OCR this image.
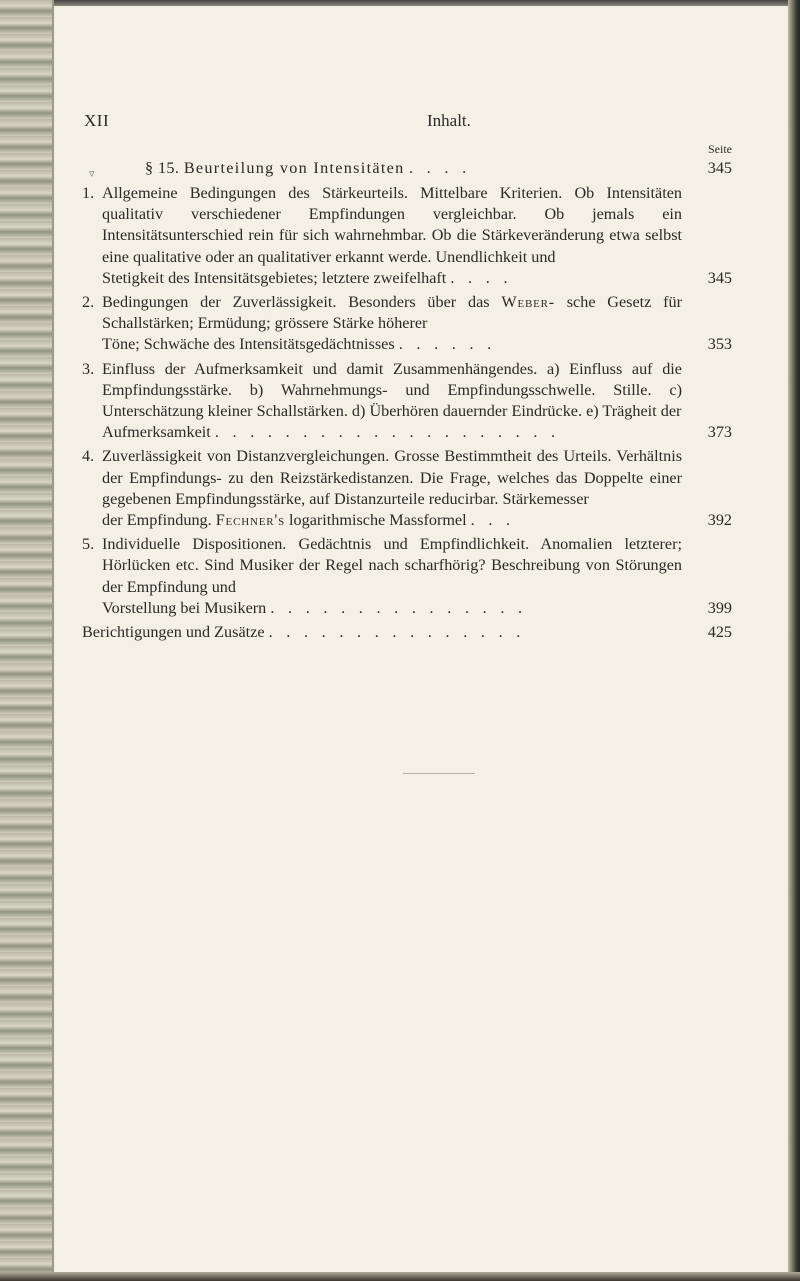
XII	Inhalt.
Seite
▿	§ 15. Beurteilung von Intensitäten . . . .	345
1. Allgemeine Bedingungen des Stärkeurteils. Mittelbare Kriterien. Ob Intensitäten qualitativ verschiedener Empfindungen vergleichbar. Ob jemals ein Intensitätsunterschied rein für sich wahrnehmbar. Ob die Stärkeveränderung etwa selbst eine qualitative oder an qualitativer erkannt werde. Unendlichkeit und
Stetigkeit des Intensitätsgebietes; letztere zweifelhaft . . . .	345
2. Bedingungen der Zuverlässigkeit. Besonders über das Weber- sche Gesetz für Schallstärken; Ermüdung; grössere Stärke höherer
Töne; Schwäche des Intensitätsgedächtnisses . . . . . .	353
3. Einfluss der Aufmerksamkeit und damit Zusammenhängendes. a) Einfluss auf die Empfindungsstärke. b) Wahrnehmungs- und Empfindungsschwelle. Stille. c) Unterschätzung kleiner Schallstärken. d) Überhören dauernder Eindrücke. e) Trägheit der
Aufmerksamkeit . . . . . . . . . . . . . . . . . . . .	373
4. Zuverlässigkeit von Distanzvergleichungen. Grosse Bestimmtheit des Urteils. Verhältnis der Empfindungs- zu den Reizstärkedistanzen. Die Frage, welches das Doppelte einer gegebenen Empfindungsstärke, auf Distanzurteile reducirbar. Stärkemesser
der Empfindung. Fechner's logarithmische Massformel . . .	392
5. Individuelle Dispositionen. Gedächtnis und Empfindlichkeit. Anomalien letzterer; Hörlücken etc. Sind Musiker der Regel nach scharfhörig? Beschreibung von Störungen der Empfindung und
Vorstellung bei Musikern . . . . . . . . . . . . . . .	399
Berichtigungen und Zusätze . . . . . . . . . . . . . . .	425
